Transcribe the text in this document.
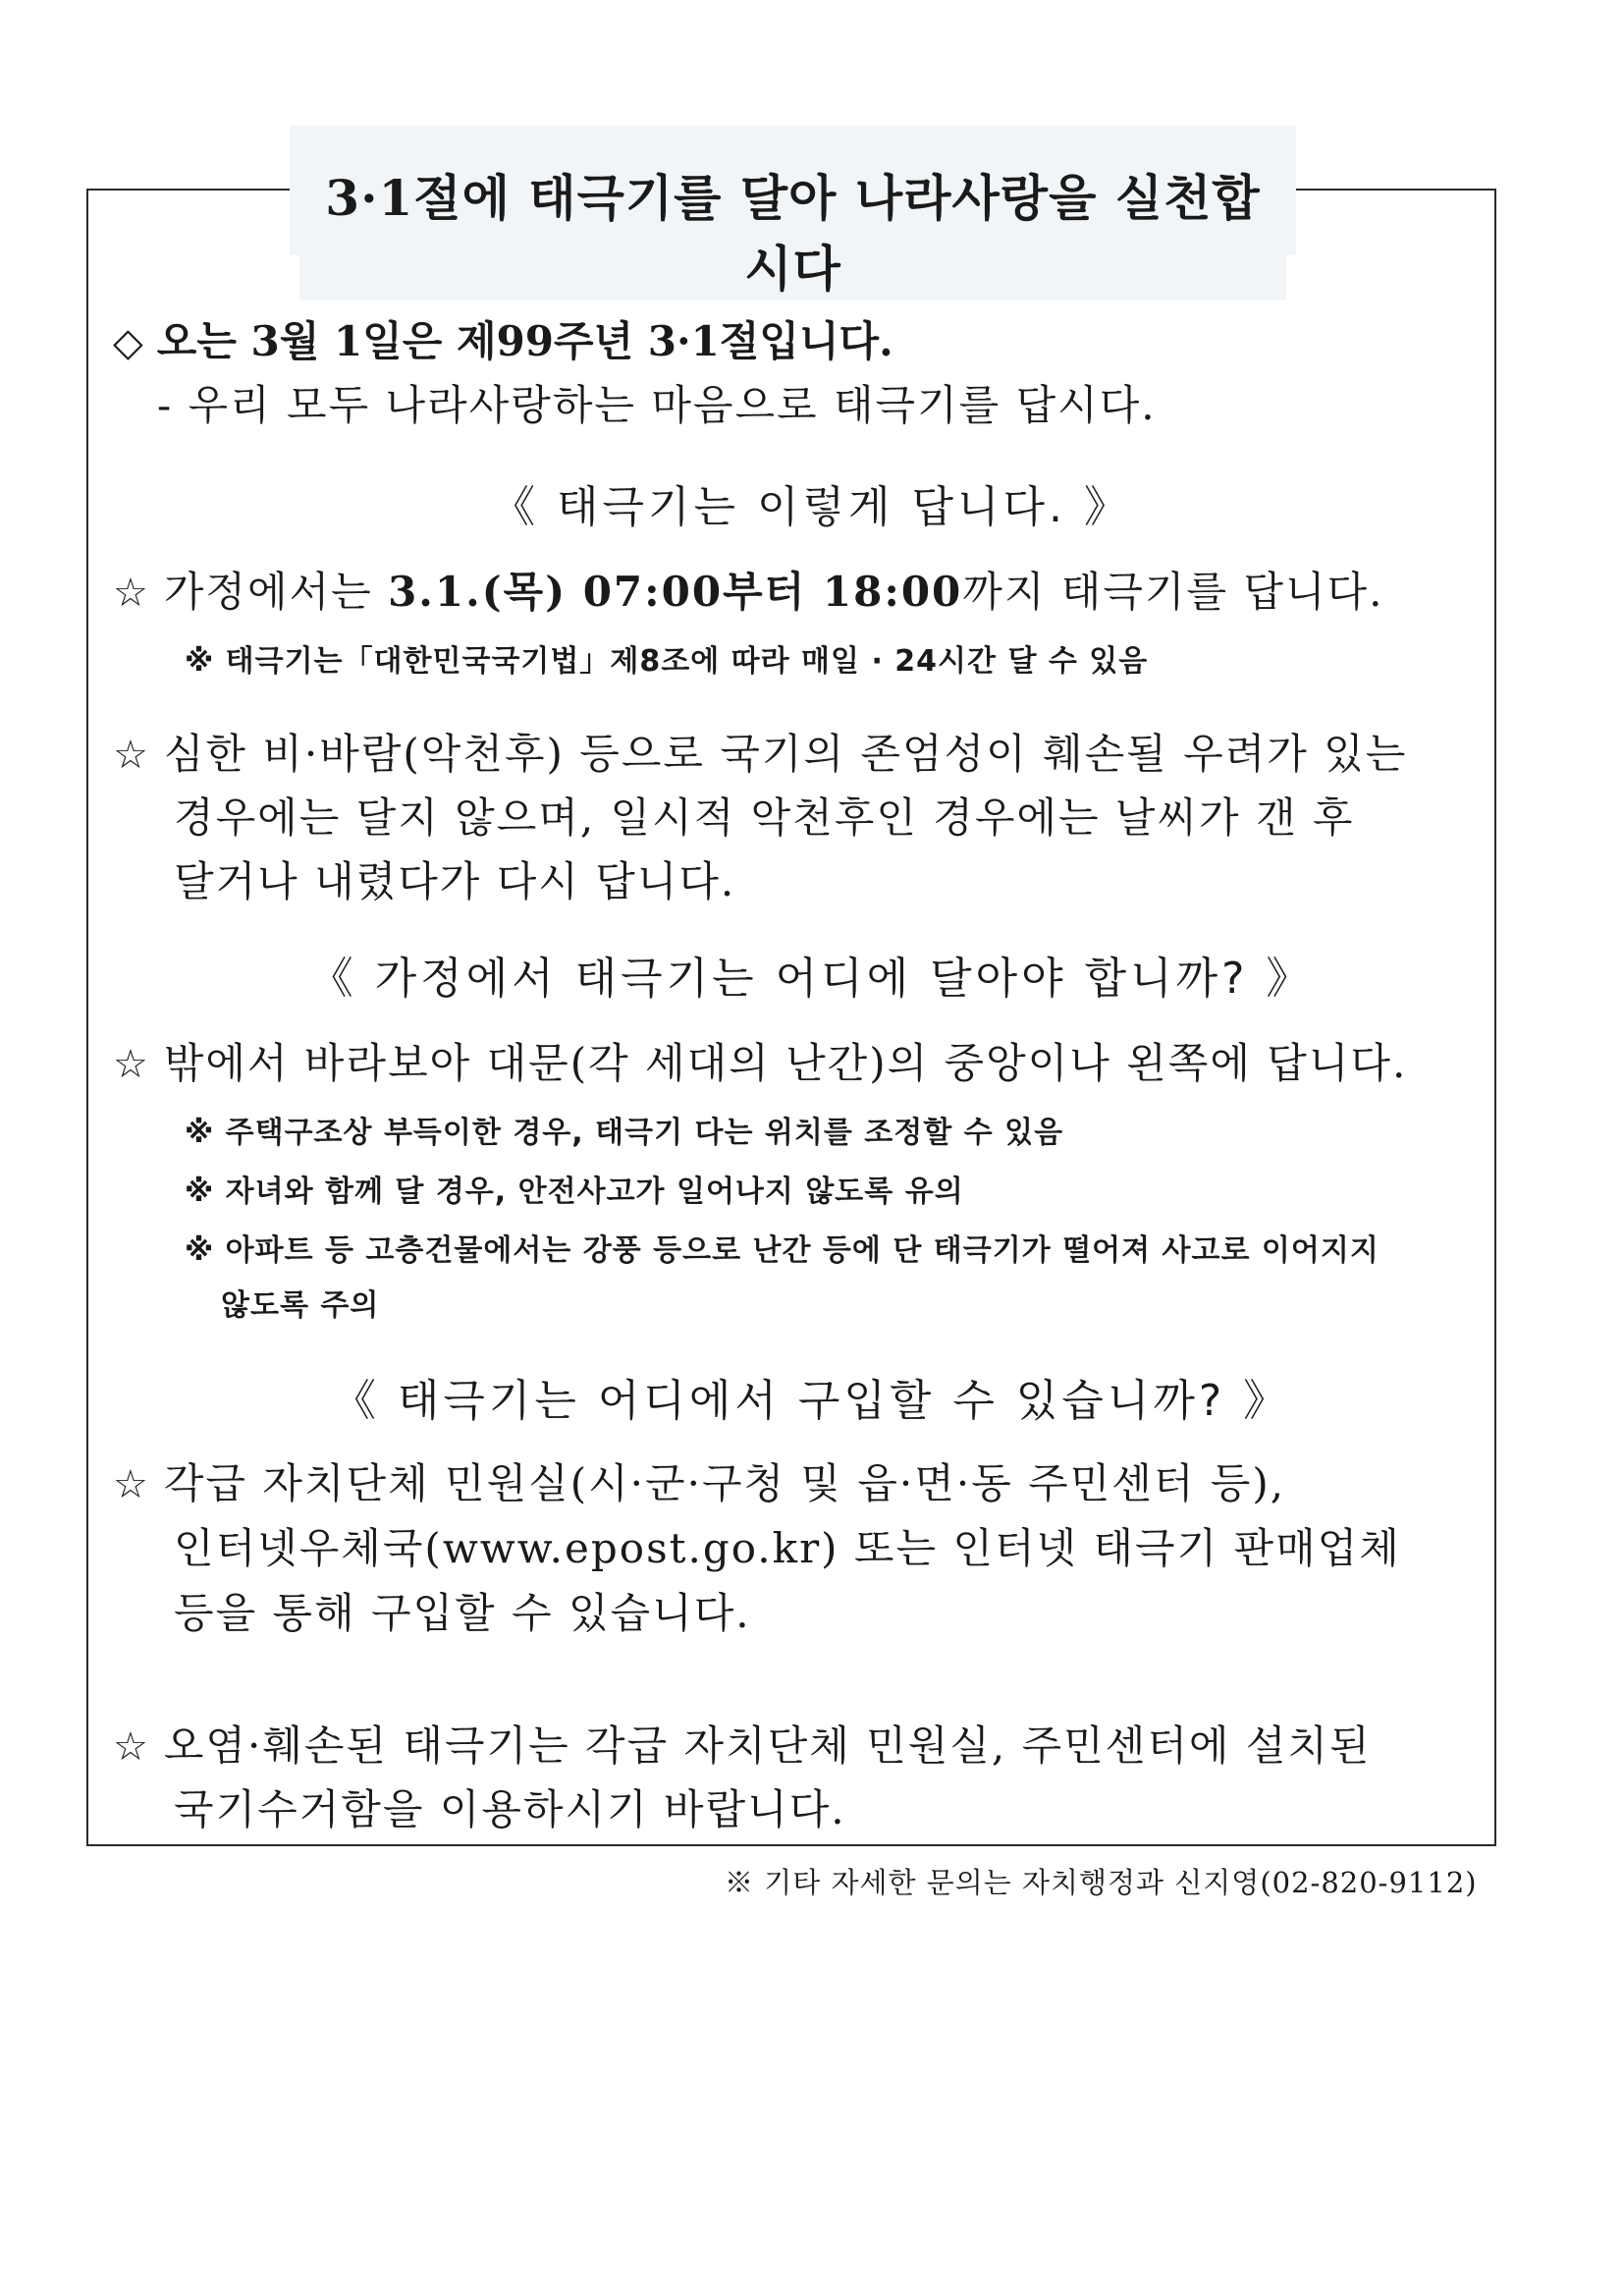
3·1절에 태극기를 달아 나라사랑을 실천합시다
◇ 오는 3월 1일은 제99주년 3·1절입니다.
- 우리 모두 나라사랑하는 마음으로 태극기를 답시다.
《 태극기는 이렇게 답니다. 》
☆ 가정에서는 3.1.(목) 07:00부터 18:00까지 태극기를 답니다.
※ 태극기는「대한민국국기법」제8조에 따라 매일 · 24시간 달 수 있음
☆ 심한 비·바람(악천후) 등으로 국기의 존엄성이 훼손될 우려가 있는
경우에는 달지 않으며, 일시적 악천후인 경우에는 날씨가 갠 후
달거나 내렸다가 다시 답니다.
《 가정에서 태극기는 어디에 달아야 합니까? 》
☆ 밖에서 바라보아 대문(각 세대의 난간)의 중앙이나 왼쪽에 답니다.
※ 주택구조상 부득이한 경우, 태극기 다는 위치를 조정할 수 있음
※ 자녀와 함께 달 경우, 안전사고가 일어나지 않도록 유의
※ 아파트 등 고층건물에서는 강풍 등으로 난간 등에 단 태극기가 떨어져 사고로 이어지지
않도록 주의
《 태극기는 어디에서 구입할 수 있습니까? 》
☆ 각급 자치단체 민원실(시·군·구청 및 읍·면·동 주민센터 등),
인터넷우체국(www.epost.go.kr) 또는 인터넷 태극기 판매업체
등을 통해 구입할 수 있습니다.
☆ 오염·훼손된 태극기는 각급 자치단체 민원실, 주민센터에 설치된
국기수거함을 이용하시기 바랍니다.
※ 기타 자세한 문의는 자치행정과 신지영(02-820-9112)
